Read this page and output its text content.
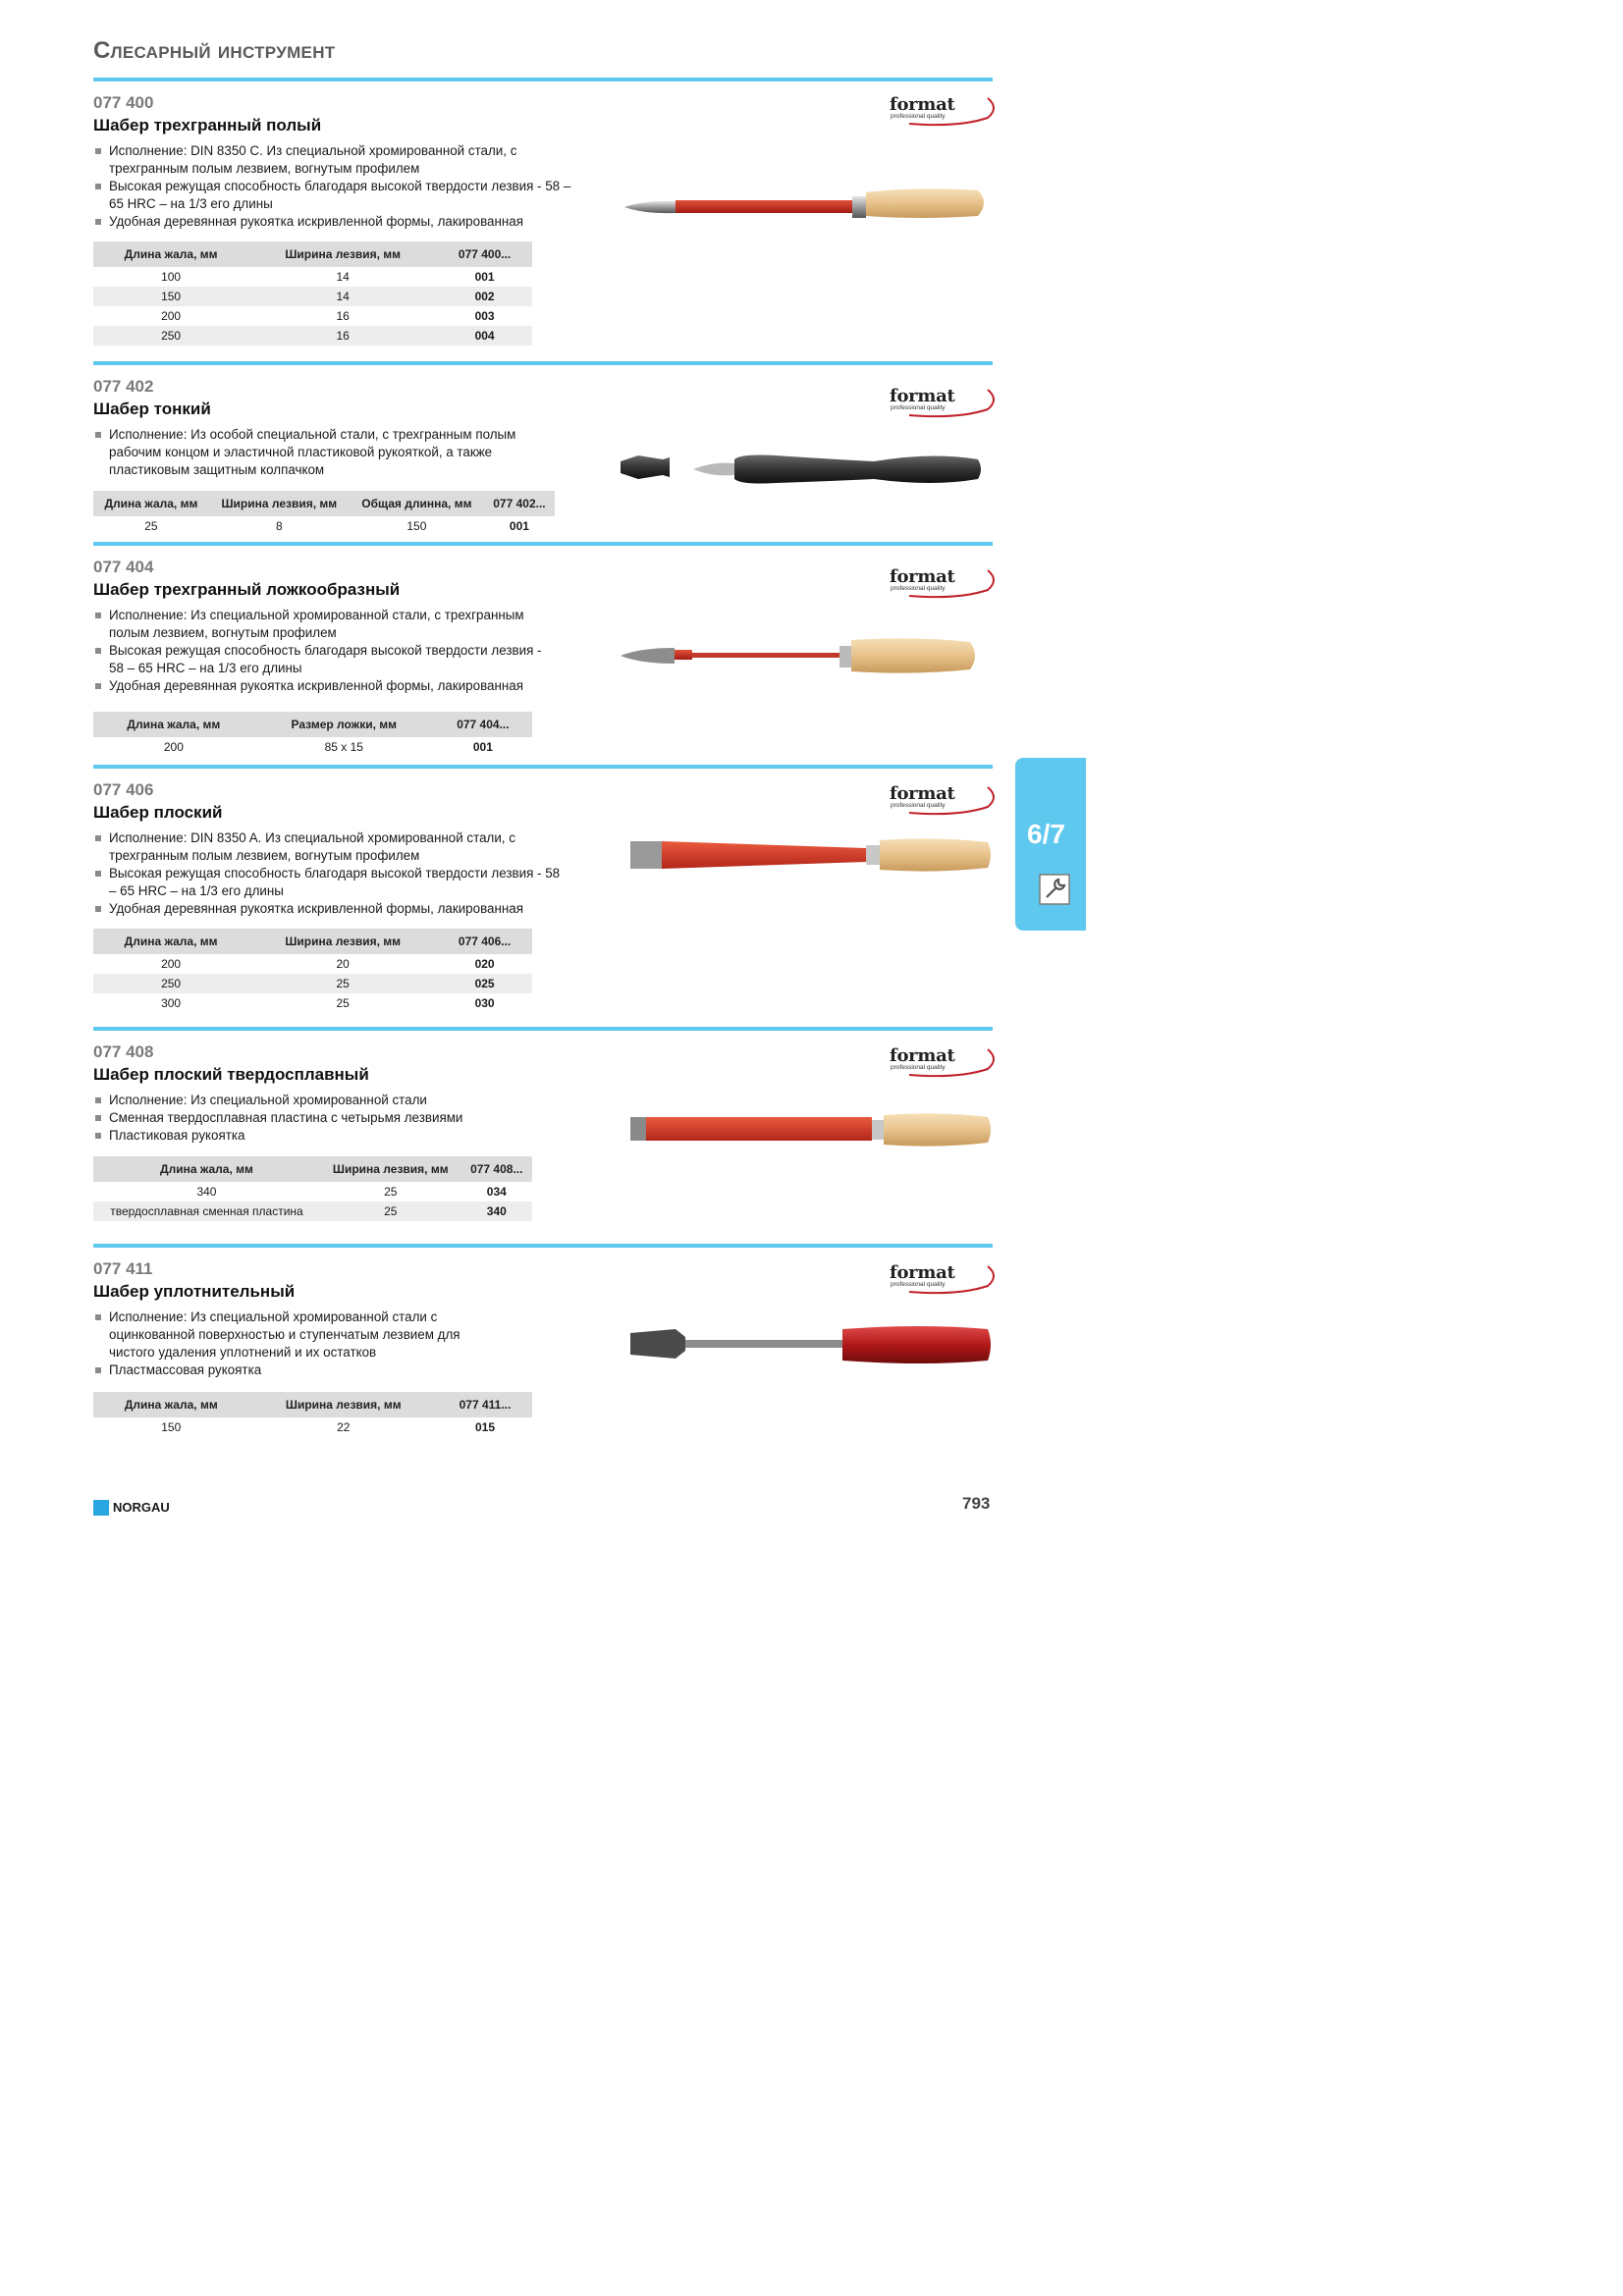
Слесарный инструмент
077 400
Шабер трехгранный полый
Исполнение: DIN 8350 C. Из специальной хромированной стали, с трехгранным полым лезвием, вогнутым профилем
Высокая режущая способность благодаря высокой твердости лезвия - 58 – 65 HRC – на 1/3 его длины
Удобная деревянная рукоятка искривленной формы, лакированная
Длина жала, мм	Ширина лезвия, мм	077 400...
100	14	001
150	14	002
200	16	003
250	16	004
077 402
Шабер тонкий
Исполнение: Из особой специальной стали, с трехгранным полым рабочим концом и эластичной пластиковой рукояткой, а также пластиковым защитным колпачком
Длина жала, мм	Ширина лезвия, мм	Общая длинна, мм	077 402...
25	8	150	001
077 404
Шабер трехгранный ложкообразный
Исполнение: Из специальной хромированной стали, с трехгранным полым лезвием, вогнутым профилем
Высокая режущая способность благодаря высокой твердости лезвия - 58 – 65 HRC – на 1/3 его длины
Удобная деревянная рукоятка искривленной формы, лакированная
Длина жала, мм	Размер ложки, мм	077 404...
200	85 x 15	001
077 406
Шабер плоский
Исполнение: DIN 8350 A. Из специальной хромированной стали, с трехгранным полым лезвием, вогнутым профилем
Высокая режущая способность благодаря высокой твердости лезвия - 58 – 65 HRC – на 1/3 его длины
Удобная деревянная рукоятка искривленной формы, лакированная
Длина жала, мм	Ширина лезвия, мм	077 406...
200	20	020
250	25	025
300	25	030
077 408
Шабер плоский твердосплавный
Исполнение: Из специальной хромированной стали
Сменная твердосплавная пластина с четырьмя лезвиями
Пластиковая рукоятка
Длина жала, мм	Ширина лезвия, мм	077 408...
340	25	034
твердосплавная сменная пластина	25	340
077 411
Шабер уплотнительный
Исполнение: Из специальной хромированной стали с оцинкованной поверхностью и ступенчатым лезвием для чистого удаления уплотнений и их остатков
Пластмассовая рукоятка
Длина жала, мм	Ширина лезвия, мм	077 411...
150	22	015
format
professional quality
format
professional quality
format
professional quality
format
professional quality
format
professional quality
format
professional quality
6/7
NORGAU	793
